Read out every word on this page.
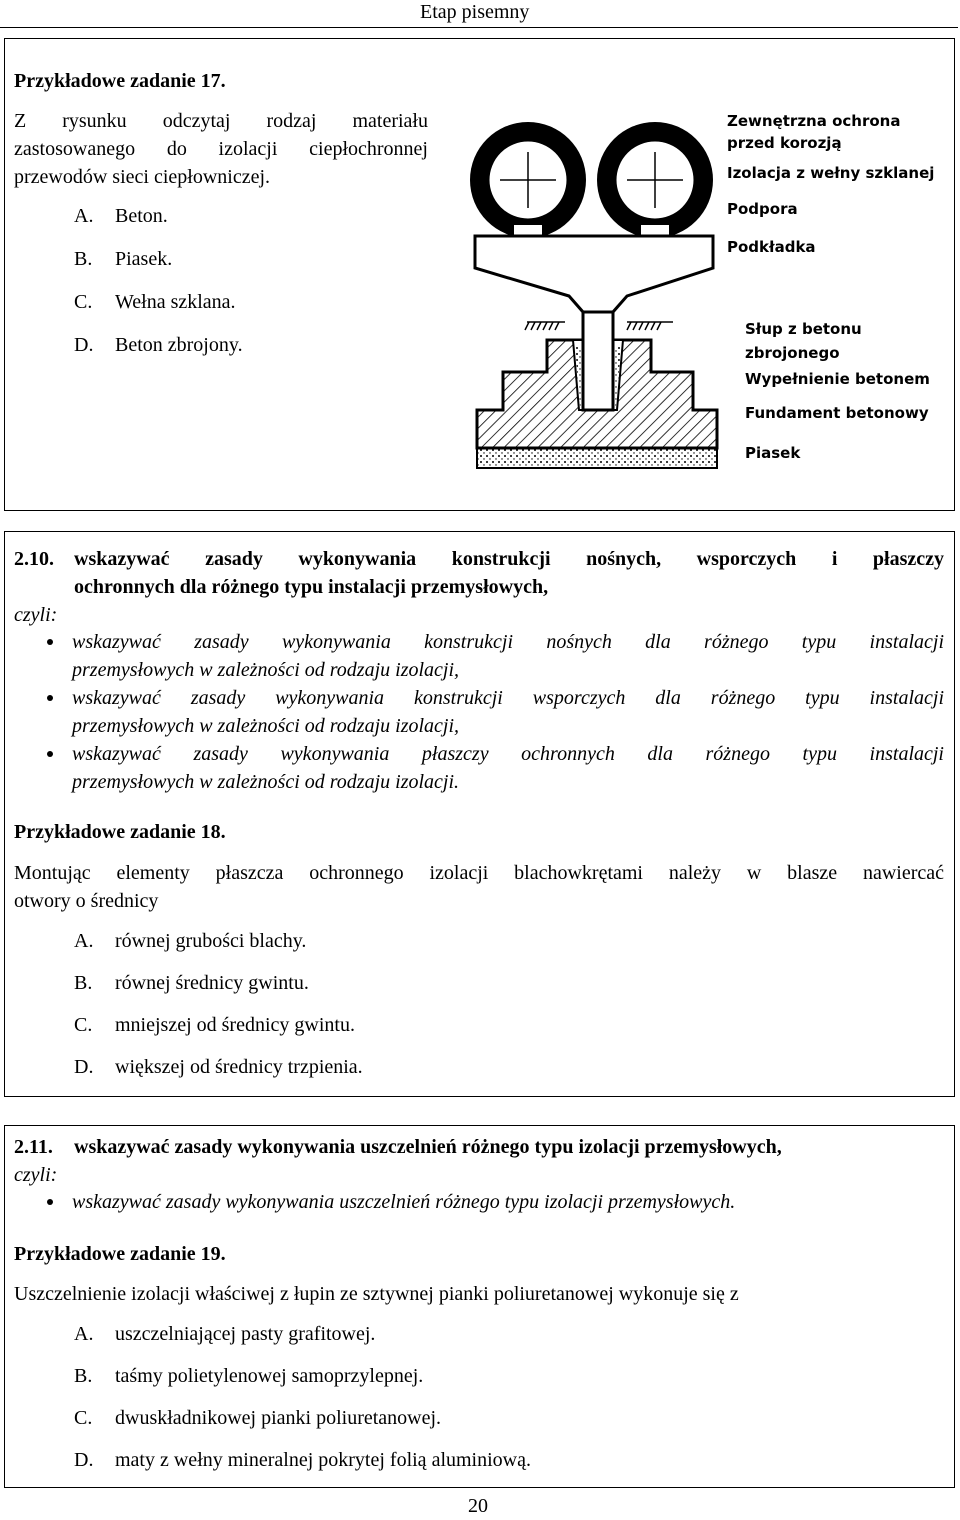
Etap pisemny
Przykładowe zadanie 17.
Z rysunku odczytaj rodzaj materiału
zastosowanego do izolacji ciepłochronnej
przewodów sieci ciepłowniczej.
A. Beton.
B. Piasek.
C. Wełna szklana.
D. Beton zbrojony.
Zewnętrzna ochrona
przed korozją
Izolacja z wełny szklanej
Podpora
Podkładka
Słup z betonu
zbrojonego
Wypełnienie betonem
Fundament betonowy
Piasek
2.10. wskazywać zasady wykonywania konstrukcji nośnych, wsporczych i płaszczy
ochronnych dla różnego typu instalacji przemysłowych,
czyli:
wskazywać zasady wykonywania konstrukcji nośnych dla różnego typu instalacji
przemysłowych w zależności od rodzaju izolacji,
wskazywać zasady wykonywania konstrukcji wsporczych dla różnego typu instalacji
przemysłowych w zależności od rodzaju izolacji,
wskazywać zasady wykonywania płaszczy ochronnych dla różnego typu instalacji
przemysłowych w zależności od rodzaju izolacji.
Przykładowe zadanie 18.
Montując elementy płaszcza ochronnego izolacji blachowkrętami należy w blasze nawiercać
otwory o średnicy
A. równej grubości blachy.
B. równej średnicy gwintu.
C. mniejszej od średnicy gwintu.
D. większej od średnicy trzpienia.
2.11. wskazywać zasady wykonywania uszczelnień różnego typu izolacji przemysłowych,
czyli:
wskazywać zasady wykonywania uszczelnień różnego typu izolacji przemysłowych.
Przykładowe zadanie 19.
Uszczelnienie izolacji właściwej z łupin ze sztywnej pianki poliuretanowej wykonuje się z
A. uszczelniającej pasty grafitowej.
B. taśmy polietylenowej samoprzylepnej.
C. dwuskładnikowej pianki poliuretanowej.
D. maty z wełny mineralnej pokrytej folią aluminiową.
20
